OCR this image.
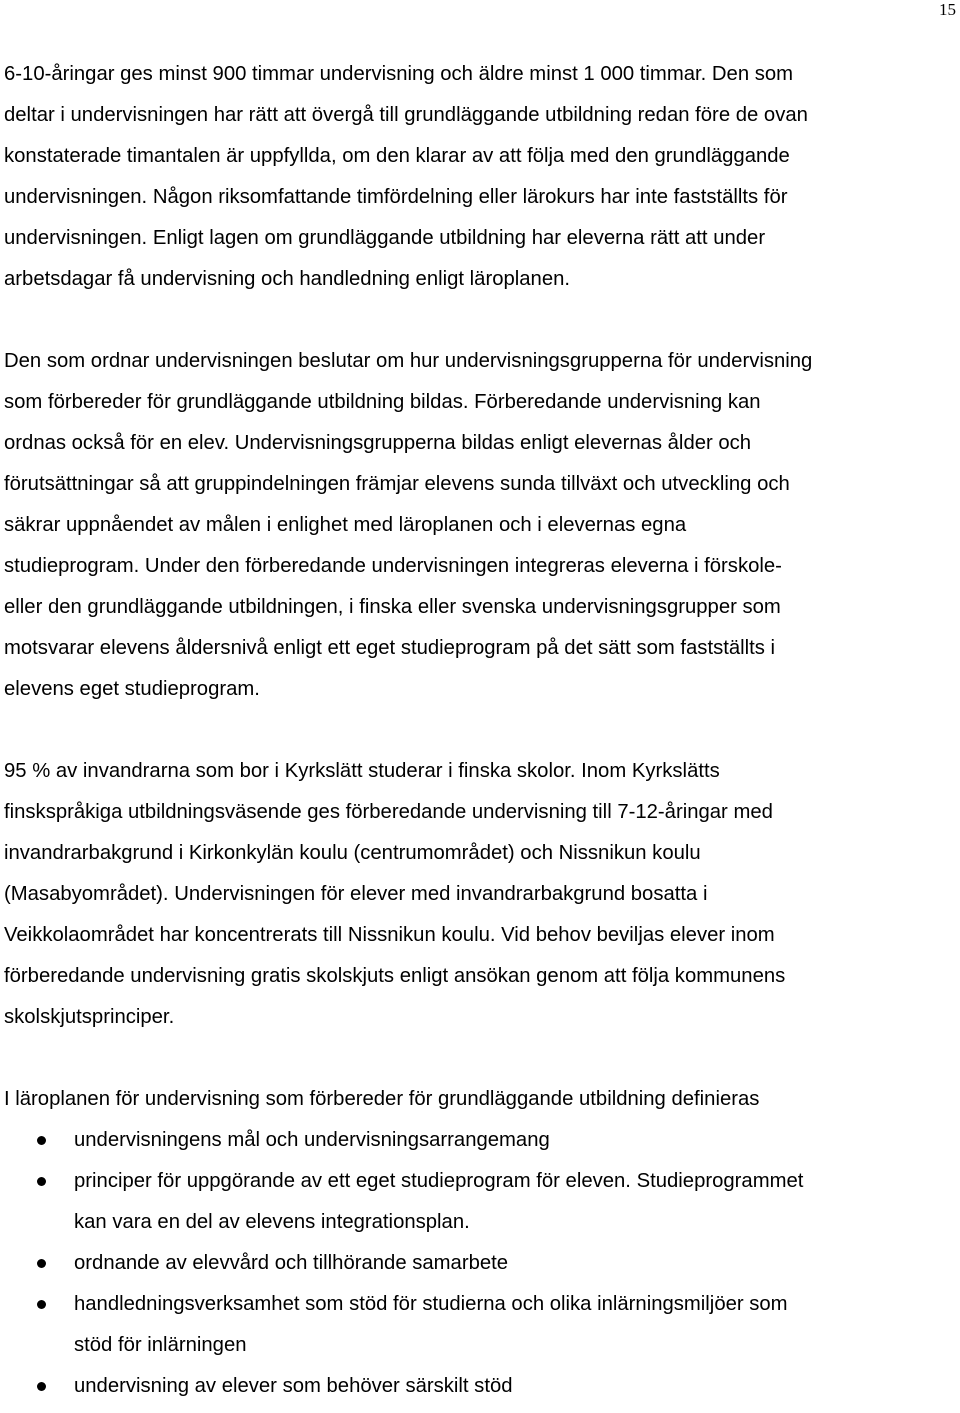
15

6-10-åringar ges minst 900 timmar undervisning och äldre minst 1 000 timmar. Den som
deltar i undervisningen har rätt att övergå till grundläggande utbildning redan före de ovan
konstaterade timantalen är uppfyllda, om den klarar av att följa med den grundläggande
undervisningen. Någon riksomfattande timfördelning eller lärokurs har inte fastställts för
undervisningen. Enligt lagen om grundläggande utbildning har eleverna rätt att under
arbetsdagar få undervisning och handledning enligt läroplanen.

Den som ordnar undervisningen beslutar om hur undervisningsgrupperna för undervisning
som förbereder för grundläggande utbildning bildas. Förberedande undervisning kan
ordnas också för en elev. Undervisningsgrupperna bildas enligt elevernas ålder och
förutsättningar så att gruppindelningen främjar elevens sunda tillväxt och utveckling och
säkrar uppnåendet av målen i enlighet med läroplanen och i elevernas egna
studieprogram. Under den förberedande undervisningen integreras eleverna i förskole-
eller den grundläggande utbildningen, i finska eller svenska undervisningsgrupper som
motsvarar elevens åldersnivå enligt ett eget studieprogram på det sätt som fastställts i
elevens eget studieprogram.

95 % av invandrarna som bor i Kyrkslätt studerar i finska skolor. Inom Kyrkslätts
finskspråkiga utbildningsväsende ges förberedande undervisning till 7-12-åringar med
invandrarbakgrund i Kirkonkylän koulu (centrumområdet) och Nissnikun koulu
(Masabyområdet). Undervisningen för elever med invandrarbakgrund bosatta i
Veikkolaområdet har koncentrerats till Nissnikun koulu. Vid behov beviljas elever inom
förberedande undervisning gratis skolskjuts enligt ansökan genom att följa kommunens
skolskjutsprinciper.

I läroplanen för undervisning som förbereder för grundläggande utbildning definieras

undervisningens mål och undervisningsarrangemang
principer för uppgörande av ett eget studieprogram för eleven. Studieprogrammet
kan vara en del av elevens integrationsplan.
ordnande av elevvård och tillhörande samarbete
handledningsverksamhet som stöd för studierna och olika inlärningsmiljöer som
stöd för inlärningen
undervisning av elever som behöver särskilt stöd
